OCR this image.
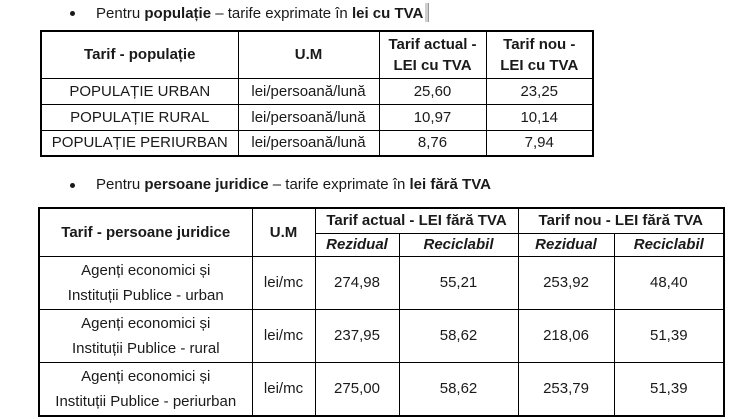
Pentru populație – tarife exprimate în lei cu TVA
Tarif - populație	U.M	Tarif actual - LEI cu TVA	Tarif nou - LEI cu TVA
POPULAȚIE URBAN	lei/persoană/lună	25,60	23,25
POPULAȚIE RURAL	lei/persoană/lună	10,97	10,14
POPULAȚIE PERIURBAN	lei/persoană/lună	8,76	7,94
Pentru persoane juridice – tarife exprimate în lei fără TVA
Tarif - persoane juridice	U.M	Tarif actual - LEI fără TVA		Tarif nou - LEI fără TVA	
		Rezidual	Reciclabil	Rezidual	Reciclabil

Agenți economici și
Instituții Publice - urban	lei/mc	274,98	55,21	253,92	48,40

Agenți economici și
Instituții Publice - rural	lei/mc	237,95	58,62	218,06	51,39

Agenți economici și
Instituții Publice - periurban	lei/mc	275,00	58,62	253,79	51,39
